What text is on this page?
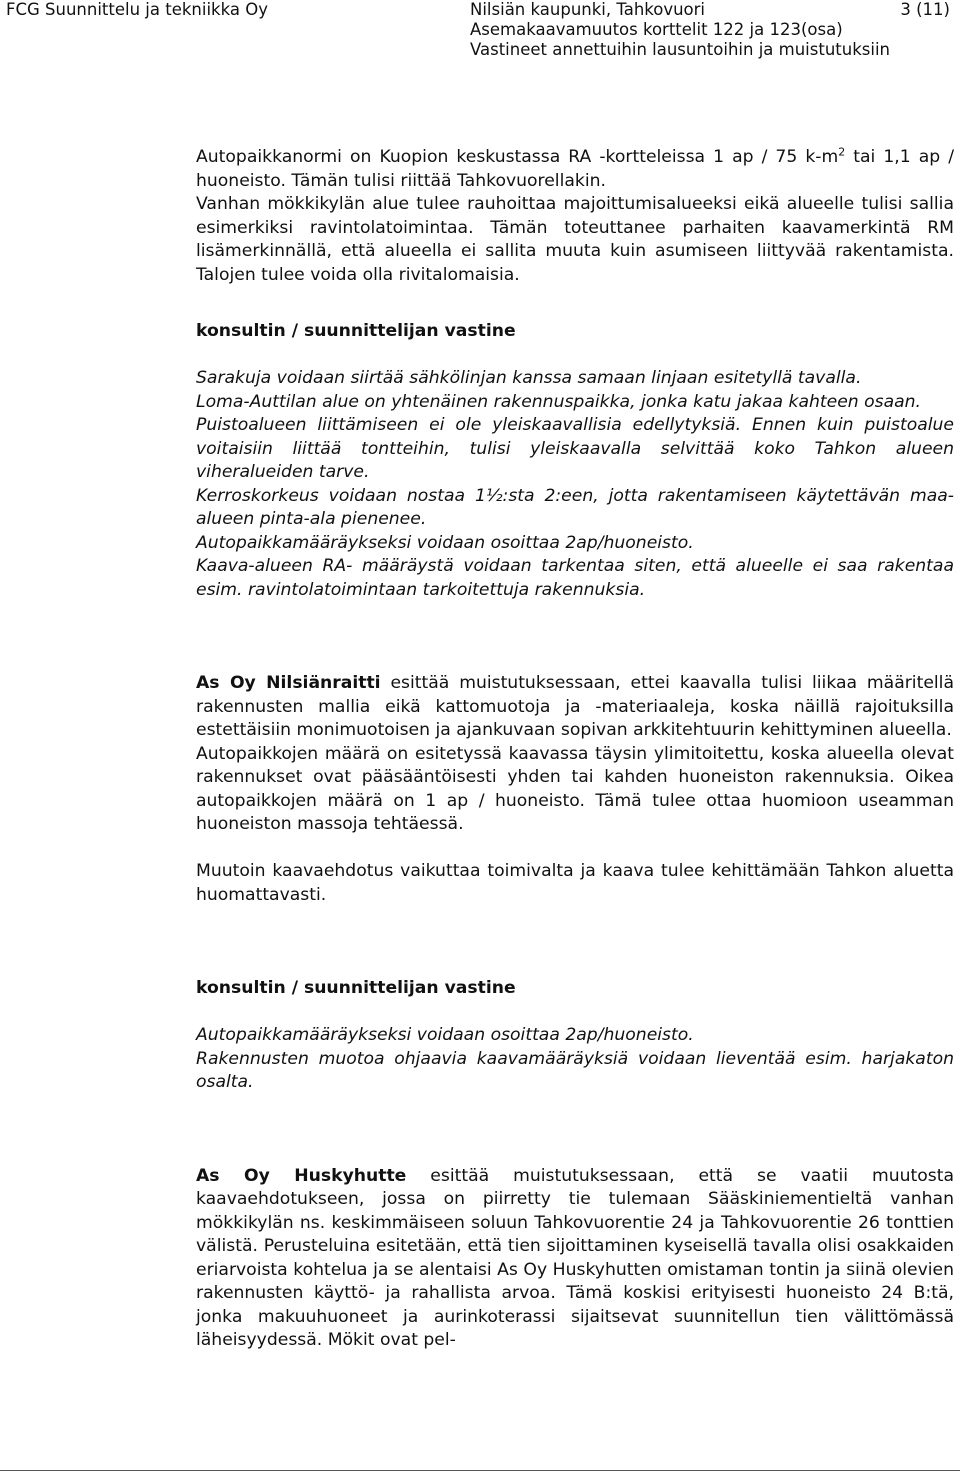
FCG Suunnittelu ja tekniikka Oy	Nilsiän kaupunki, Tahkovuori
Asemakaavamuutos korttelit 122 ja 123(osa)
Vastineet annettuihin lausuntoihin ja muistutuksiin
3 (11)

Autopaikkanormi on Kuopion keskustassa RA -kortteleissa 1 ap / 75 $k-m^2$ tai 1,1 ap / huoneisto. Tämän tulisi riittää Tahkovuorellakin.

Vanhan mökkikylän alue tulee rauhoittaa majoittumisalueeksi eikä alueelle tulisi sallia esimerkiksi ravintolatoimintaa. Tämän toteuttanee parhaiten kaavamerkintä RM lisämerkinnällä, että alueella ei sallita muuta kuin asumiseen liittyvää rakentamista. Talojen tulee voida olla rivitalomaisia.

konsultin / suunnittelijan vastine

Sarakuja voidaan siirtää sähkölinjan kanssa samaan linjaan esitetyllä tavalla.

Loma-Auttilan alue on yhtenäinen rakennuspaikka, jonka katu jakaa kahteen osaan.

Puistoalueen liittämiseen ei ole yleiskaavallisia edellytyksiä. Ennen kuin puistoalue voitaisiin liittää tontteihin, tulisi yleiskaavalla selvittää koko Tahkon alueen viheralueiden tarve.

Kerroskorkeus voidaan nostaa 1½:sta 2:een, jotta rakentamiseen käytettävän maa-alueen pinta-ala pienenee.

Autopaikkamääräykseksi voidaan osoittaa 2ap/huoneisto.

Kaava-alueen RA- määräystä voidaan tarkentaa siten, että alueelle ei saa rakentaa esim. ravintolatoimintaan tarkoitettuja rakennuksia.

As Oy Nilsiänraitti esittää muistutuksessaan, ettei kaavalla tulisi liikaa määritellä rakennusten mallia eikä kattomuotoja ja -materiaaleja, koska näillä rajoituksilla estettäisiin monimuotoisen ja ajankuvaan sopivan arkkitehtuurin kehittyminen alueella.

Autopaikkojen määrä on esitetyssä kaavassa täysin ylimitoitettu, koska alueella olevat rakennukset ovat pääsääntöisesti yhden tai kahden huoneiston rakennuksia. Oikea autopaikkojen määrä on 1 ap / huoneisto. Tämä tulee ottaa huomioon useamman huoneiston massoja tehtäessä.

Muutoin kaavaehdotus vaikuttaa toimivalta ja kaava tulee kehittämään Tahkon aluetta huomattavasti.

konsultin / suunnittelijan vastine

Autopaikkamääräykseksi voidaan osoittaa 2ap/huoneisto.

Rakennusten muotoa ohjaavia kaavamääräyksiä voidaan lieventää esim. harjakaton osalta.

As Oy Huskyhutte esittää muistutuksessaan, että se vaatii muutosta kaavaehdotukseen, jossa on piirretty tie tulemaan Sääskiniementieltä vanhan mökkikylän ns. keskimmäiseen soluun Tahkovuorentie 24 ja Tahkovuorentie 26 tonttien välistä. Perusteluina esitetään, että tien sijoittaminen kyseisellä tavalla olisi osakkaiden eriarvoista kohtelua ja se alentaisi As Oy Huskyhutten omistaman tontin ja siinä olevien rakennusten käyttö- ja rahallista arvoa. Tämä koskisi erityisesti huoneisto 24 B:tä, jonka makuuhuoneet ja aurinkoterassi sijaitsevat suunnitellun tien välittömässä läheisyydessä. Mökit ovat pel-
